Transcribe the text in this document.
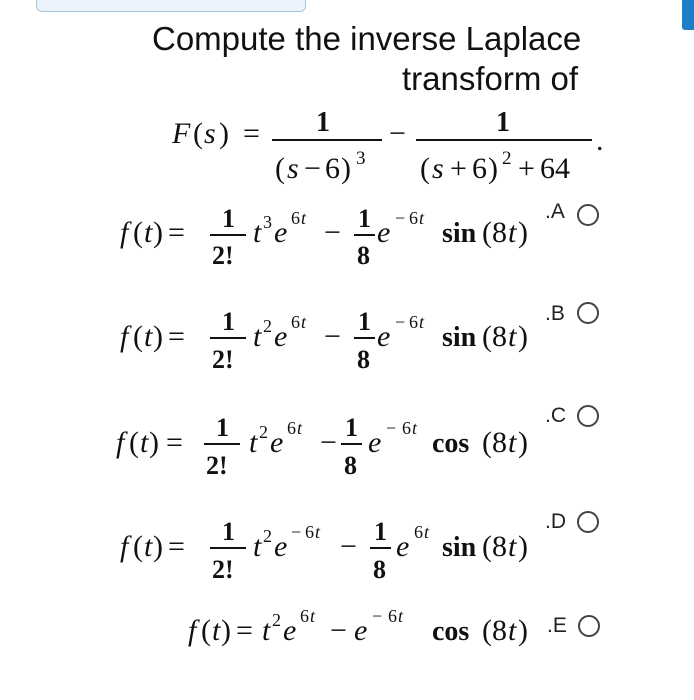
Compute the inverse Laplace
transform of
F ( s ) = 1
( s − 6 ) 3
−	1
( s + 6 ) 2 + 64
.
f ( t ) = 1
2!
t 3 e 6 t − 1
8
e − 6 t sin (8 t )
.A
f ( t ) = 1
2!
t 2 e 6 t − 1
8
e − 6 t sin (8 t )
.B
f ( t ) = 1
2!
t 2 e 6 t − 1
8
e − 6 t cos (8 t )
.C
f ( t ) = 1
2!
t 2 e − 6 t − 1
8
e 6 t sin (8 t )
.D
f ( t ) = t 2 e 6 t − e − 6 t cos (8 t ) .E
